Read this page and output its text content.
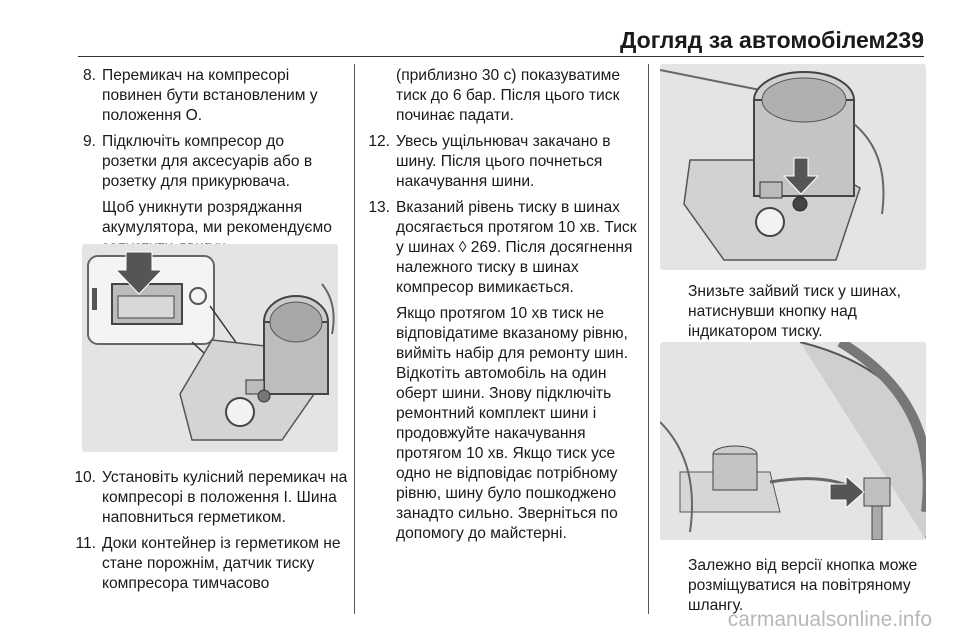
Догляд за автомобілем 239
8. Перемикач на компресорі повинен бути встановленим у положення O.
9. Підключіть компресор до розетки для аксесуарів або в розетку для прикурювача.
Щоб уникнути розряджання акумулятора, ми рекомендуємо
10. Установіть кулісний перемикач на компресорі в положення I. Шина наповниться герметиком.
11. Доки контейнер із герметиком не стане порожнім, датчик тиску компресора тимчасово
(приблизно 30 с) показуватиме тиск до 6 бар. Після цього тиск починає падати.
12. Увесь ущільнювач закачано в шину. Після цього почнеться накачування шини.
13. Вказаний рівень тиску в шинах досягається протягом 10 хв. Тиск у шинах ◊ 269. Після досягнення належного тиску в шинах компресор вимикається.
Якщо протягом 10 хв тиск не відповідатиме вказаному рівню, вийміть набір для ремонту шин. Відкотіть автомобіль на один оберт шини. Знову підключіть ремонтний комплект шини і продовжуйте накачування протягом 10 хв. Якщо тиск усе одно не відповідає потрібному рівню, шину було пошкоджено занадто сильно. Зверніться по допомогу до майстерні.
Знизьте зайвий тиск у шинах, натиснувши кнопку над індикатором тиску.
Залежно від версії кнопка може розміщуватися на повітряному шлангу.
carmanualsonline.info
